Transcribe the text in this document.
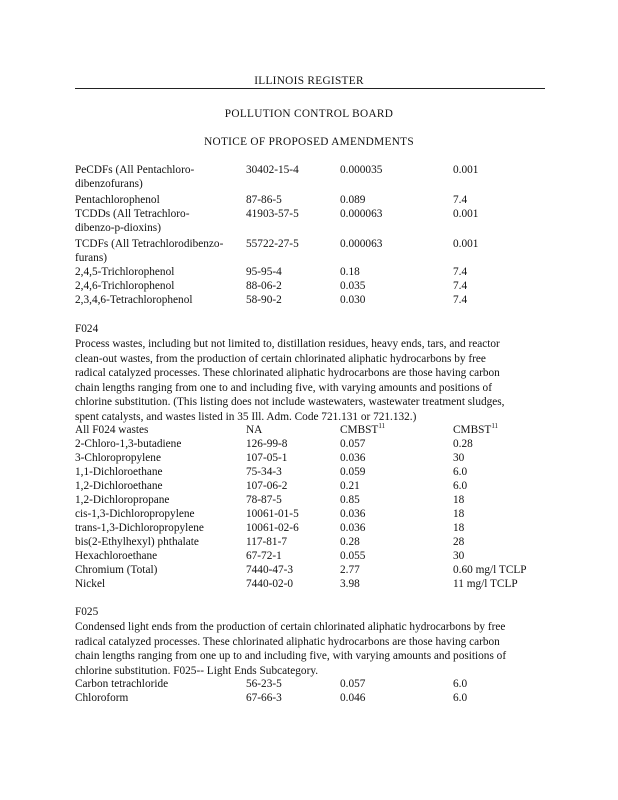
ILLINOIS REGISTER
POLLUTION CONTROL BOARD
NOTICE OF PROPOSED AMENDMENTS
PeCDFs (All Pentachloro-	30402-15-4	0.000035	0.001
dibenzofurans)
Pentachlorophenol	87-86-5	0.089	7.4
TCDDs (All Tetrachloro-	41903-57-5	0.000063	0.001
dibenzo-p-dioxins)
TCDFs (All Tetrachlorodibenzo- 55722-27-5	0.000063	0.001
furans)
2,4,5-Trichlorophenol	95-95-4	0.18	7.4
2,4,6-Trichlorophenol	88-06-2	0.035	7.4
2,3,4,6-Tetrachlorophenol	58-90-2	0.030	7.4
F024
Process wastes, including but not limited to, distillation residues, heavy ends, tars, and reactor
clean-out wastes, from the production of certain chlorinated aliphatic hydrocarbons by free
radical catalyzed processes. These chlorinated aliphatic hydrocarbons are those having carbon
chain lengths ranging from one to and including five, with varying amounts and positions of
chlorine substitution. (This listing does not include wastewaters, wastewater treatment sludges,
spent catalysts, and wastes listed in 35 Ill. Adm. Code 721.131 or 721.132.)
All F024 wastes	NA	CMBST$^{11}$	CMBST$^{11}$
2-Chloro-1,3-butadiene	126-99-8	0.057	0.28
3-Chloropropylene	107-05-1	0.036	30
1,1-Dichloroethane	75-34-3	0.059	6.0
1,2-Dichloroethane	107-06-2	0.21	6.0
1,2-Dichloropropane	78-87-5	0.85	18
cis-1,3-Dichloropropylene	10061-01-5	0.036	18
trans-1,3-Dichloropropylene	10061-02-6	0.036	18
bis(2-Ethylhexyl) phthalate	117-81-7	0.28	28
Hexachloroethane	67-72-1	0.055	30
Chromium (Total)	7440-47-3	2.77	0.60 mg/l TCLP
Nickel	7440-02-0	3.98	11 mg/l TCLP
F025
Condensed light ends from the production of certain chlorinated aliphatic hydrocarbons by free
radical catalyzed processes. These chlorinated aliphatic hydrocarbons are those having carbon
chain lengths ranging from one up to and including five, with varying amounts and positions of
chlorine substitution. F025-- Light Ends Subcategory.
Carbon tetrachloride	56-23-5	0.057	6.0
Chloroform	67-66-3	0.046	6.0
